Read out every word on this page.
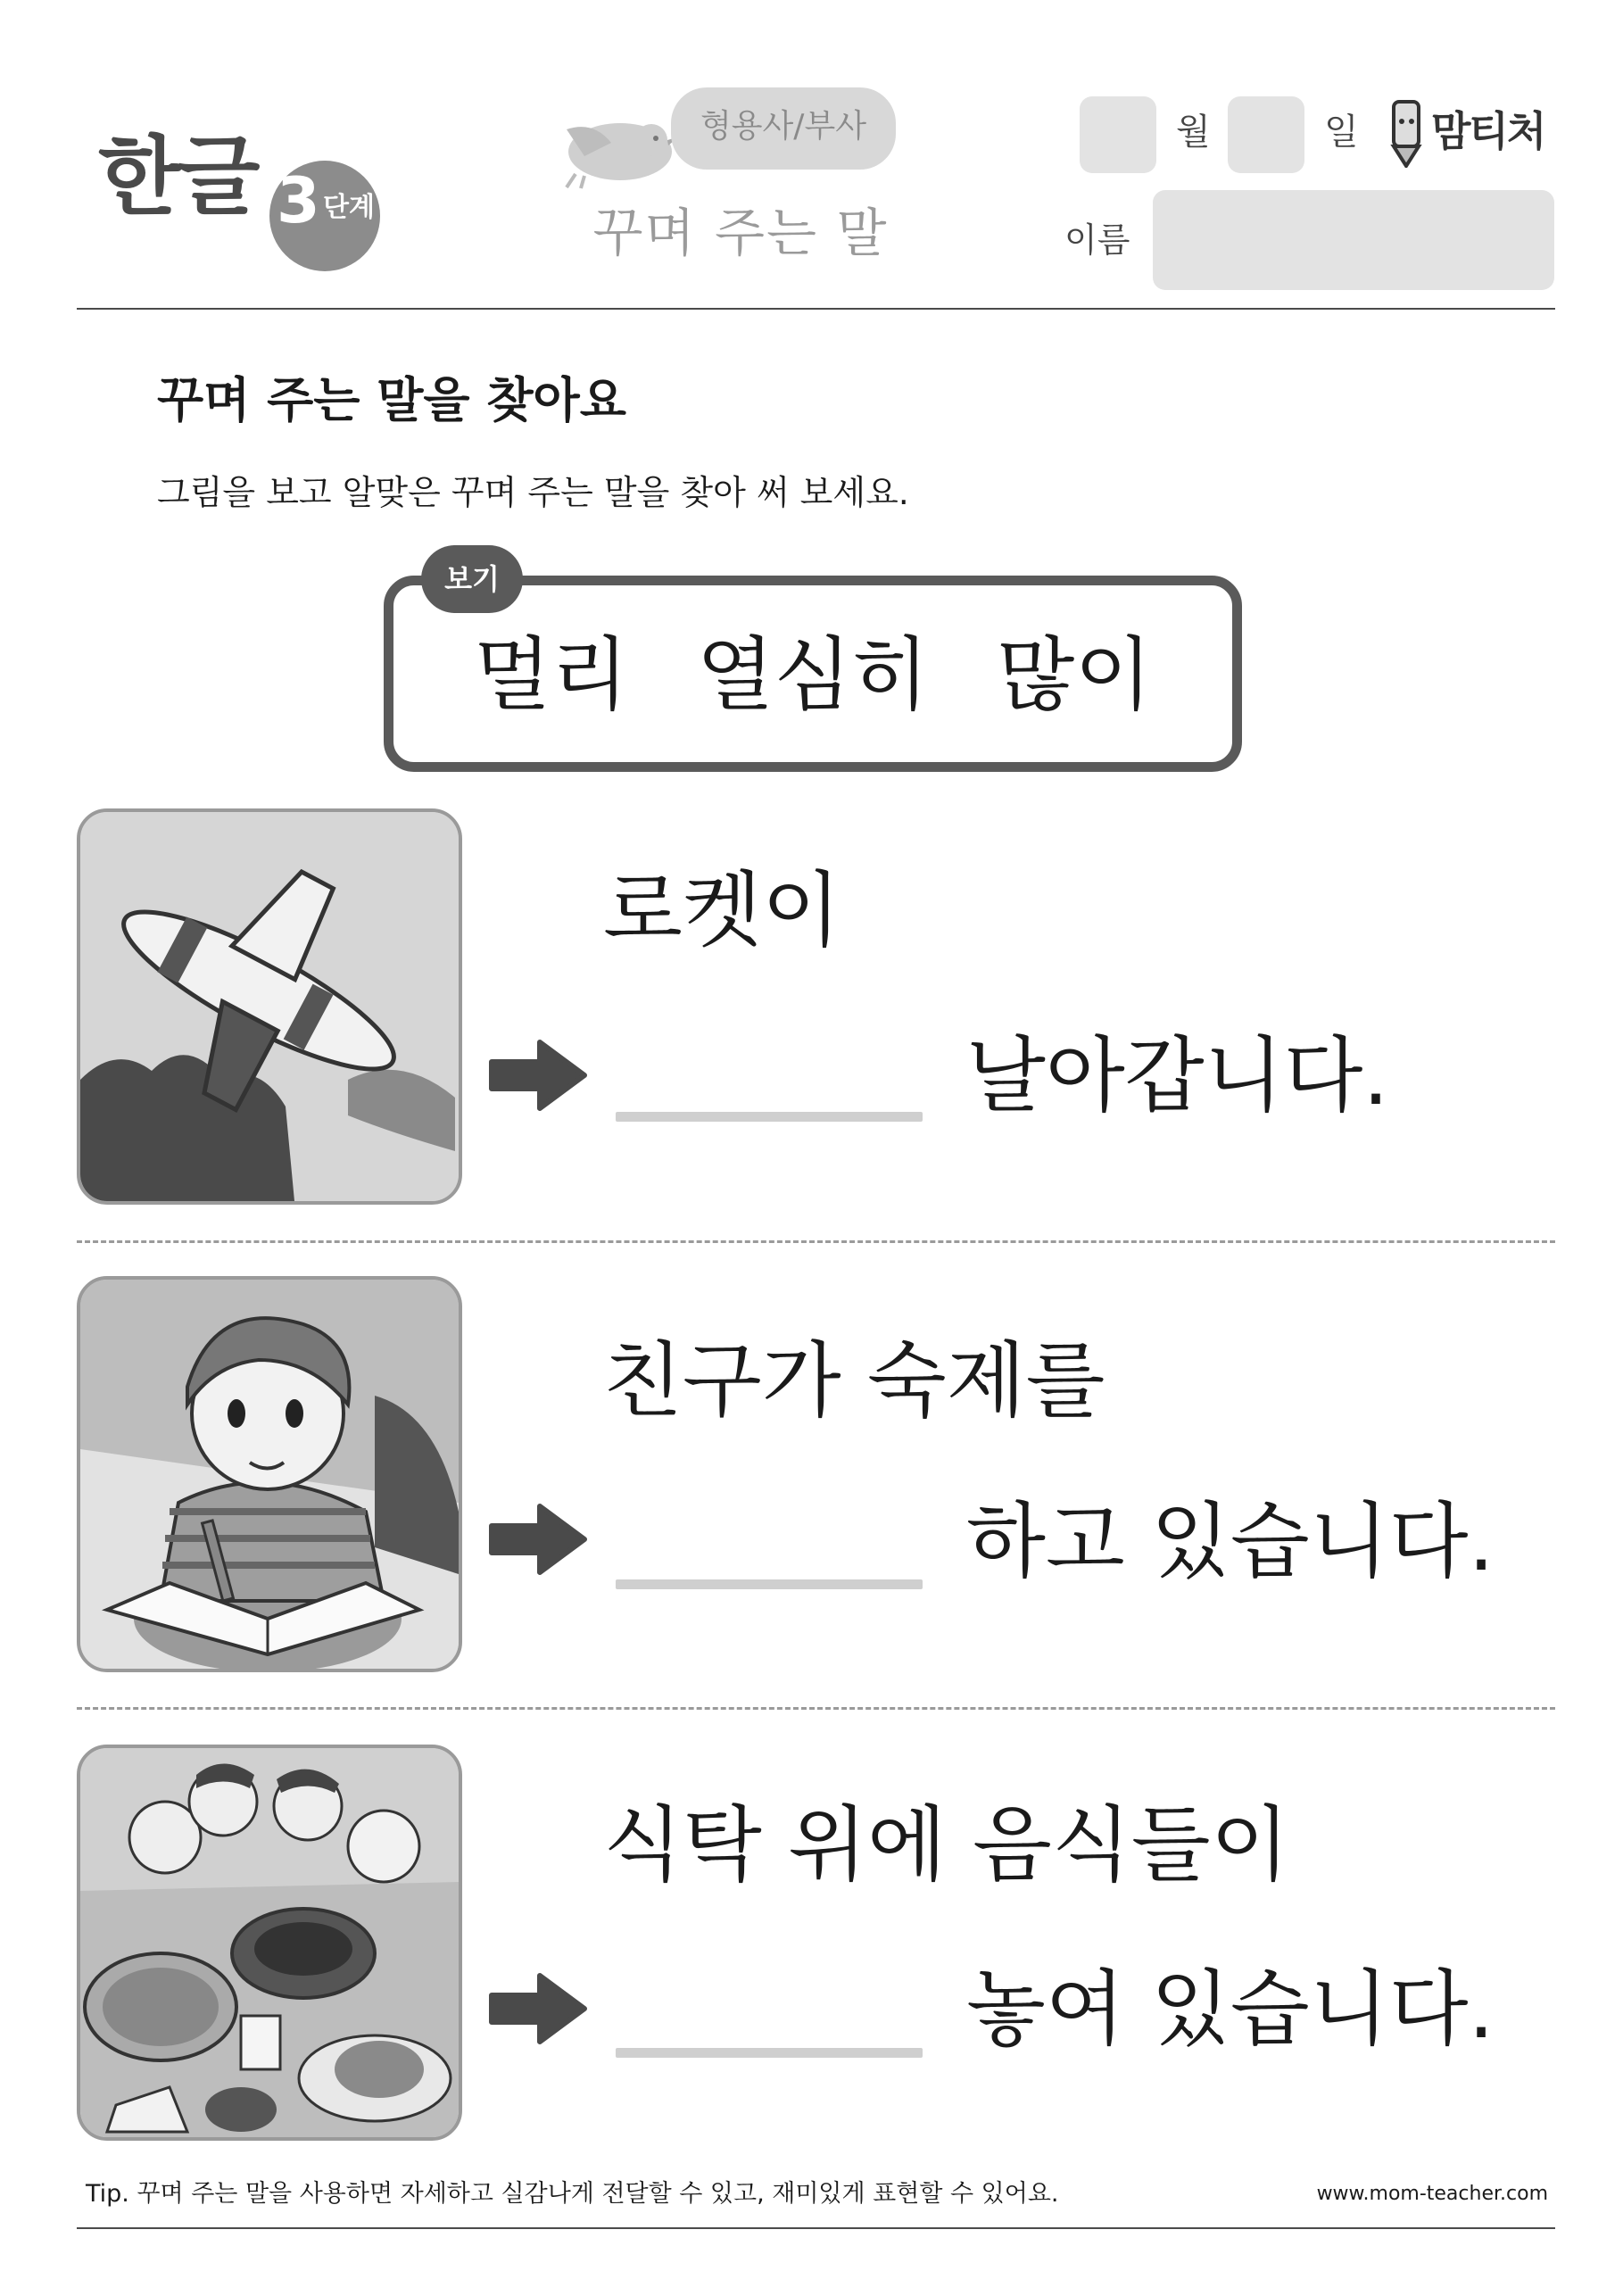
한글 3 단계
형용사/부사
꾸며 주는 말
월	일 맘티처
이름
꾸며 주는 말을 찾아요
그림을 보고 알맞은 꾸며 주는 말을 찾아 써 보세요.
보기
멀리 열심히 많이
로켓이
날아갑니다.
친구가 숙제를
하고 있습니다.
식탁 위에 음식들이
놓여 있습니다.
Tip. 꾸며 주는 말을 사용하면 자세하고 실감나게 전달할 수 있고, 재미있게 표현할 수 있어요.	www.mom-teacher.com
